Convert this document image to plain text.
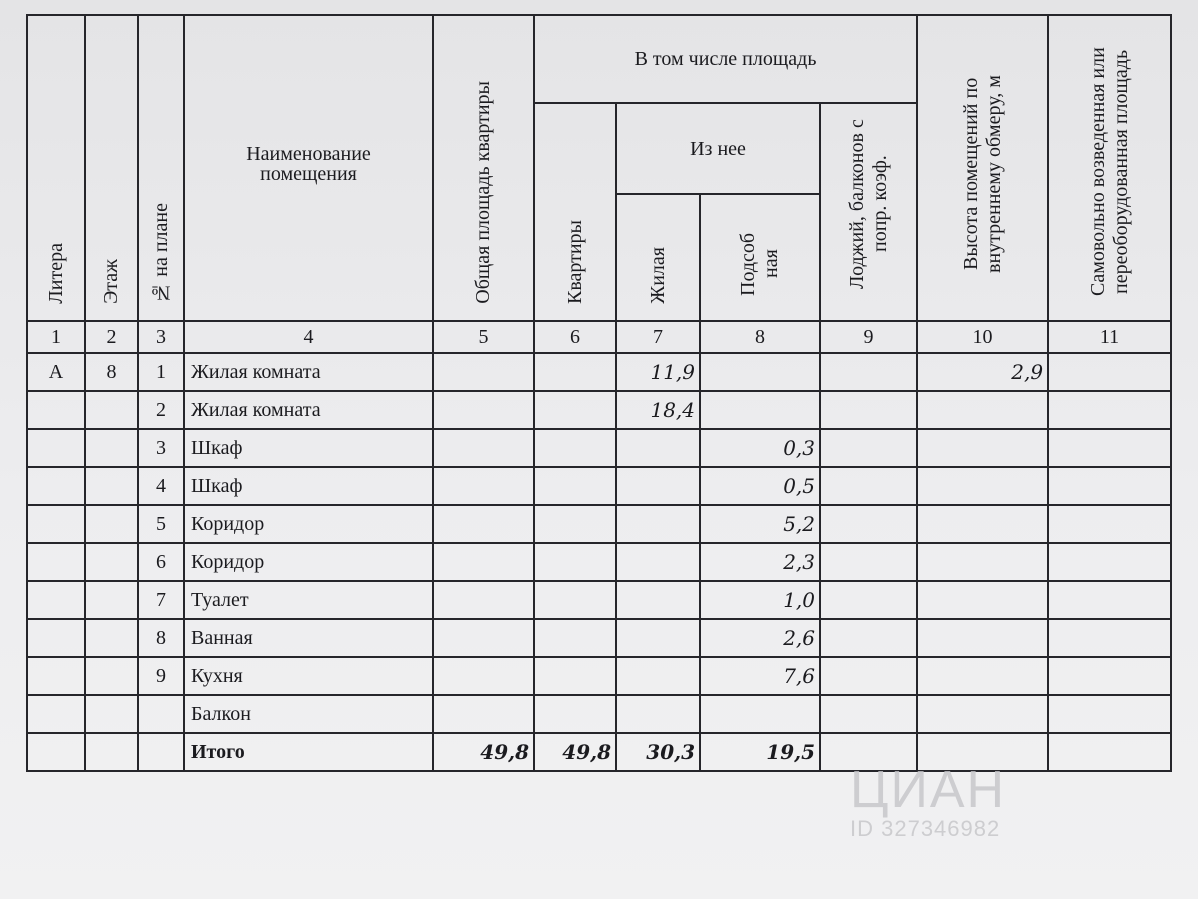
Литера	Этаж	№ на плане	Наименование помещения	Общая площадь квартиры	В том числе площадь				Высота помещений по внутреннему обмеру, м	Самовольно возведенная или переоборудованная площадь
					Квартиры	Из нее		Лоджий, балконов с попр. коэф.		
						Жилая	Подсоб ная			
1	2	3	4	5	6	7	8	9	10	11
А	8	1	Жилая комната			11,9			2,9	
		2	Жилая комната			18,4				
		3	Шкаф				0,3			
		4	Шкаф				0,5			
		5	Коридор				5,2			
		6	Коридор				2,3			
		7	Туалет				1,0			
		8	Ванная				2,6			
		9	Кухня				7,6			
			Балкон							
			Итого	49,8	49,8	30,3	19,5			
ЦИАН
ID 327346982
